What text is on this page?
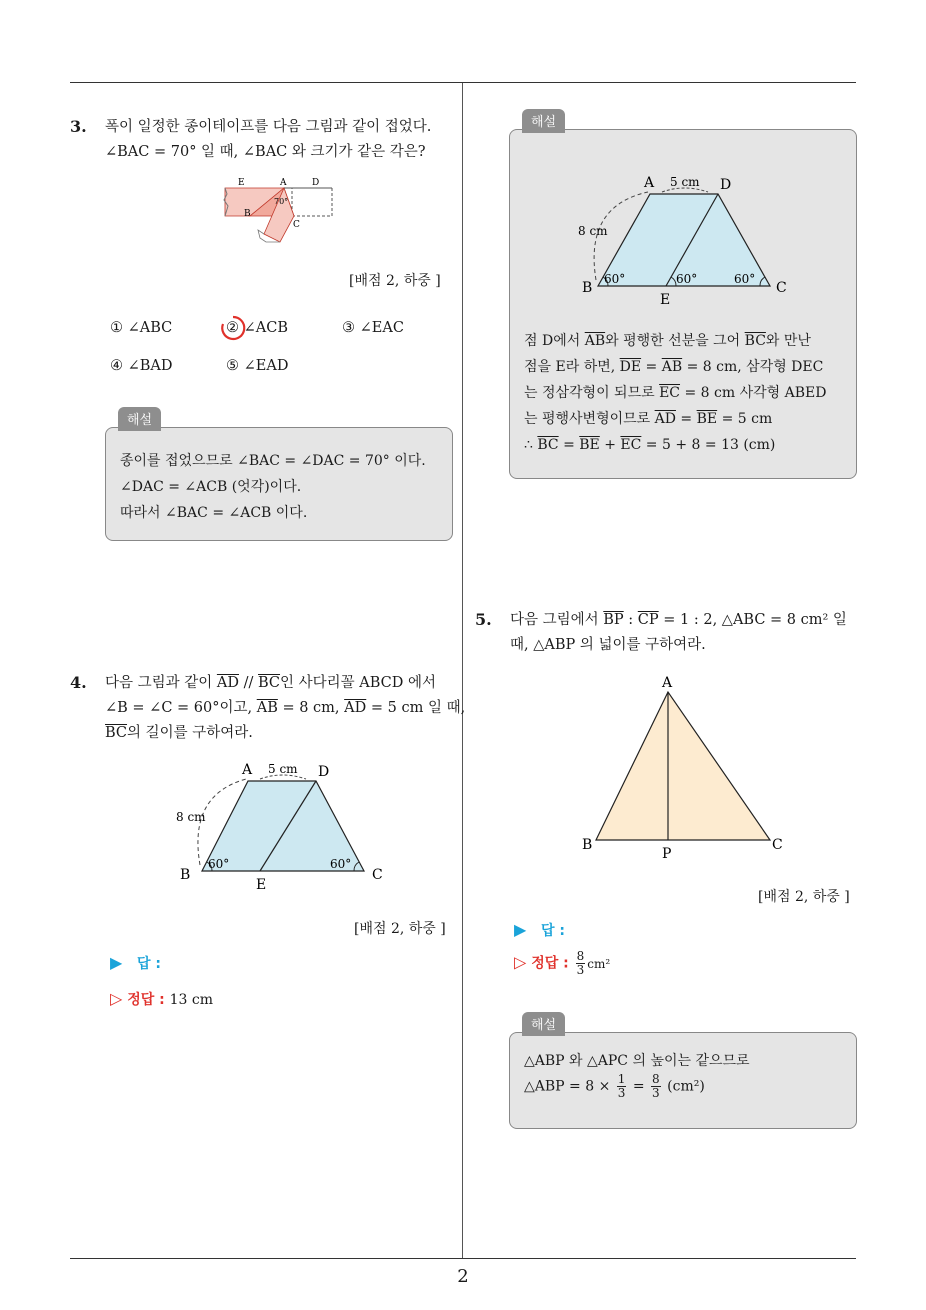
3. 폭이 일정한 종이테이프를 다음 그림과 같이 접었다.
∠BAC = 70° 일 때, ∠BAC 와 크기가 같은 각은?
E	A	D
B
C
70°
[배점 2, 하중 ]
① ∠ABC	② ∠ACB	③ ∠EAC
④ ∠BAD	⑤ ∠EAD
해설
종이를 접었으므로 ∠BAC = ∠DAC = 70° 이다.
∠DAC = ∠ACB (엇각)이다.
따라서 ∠BAC = ∠ACB 이다.
4. 다음 그림과 같이 $\overline{AD} // \overline{BC}$인 사다리꼴 ABCD 에서
∠B = ∠C = 60°이고, $\overline{AB} = 8$ cm, $\overline{AD} = 5$ cm 일 때,
$\overline{BC}$의 길이를 구하여라.
A	D
B	C
E
5 cm
8 cm
60°	60°
[배점 2, 하중 ]
▶ 답 :
▷ 정답 : 13 cm
해설
A	D
B	C
E
5 cm
8 cm
60°	60°	60°
점 D에서 $\overline{AB}$와 평행한 선분을 그어 $\overline{BC}$와 만난
점을 E라 하면, $\overline{DE} = \overline{AB} = 8$ cm, 삼각형 DEC
는 정삼각형이 되므로 $\overline{EC} = 8$ cm 사각형 ABED
는 평행사변형이므로 $\overline{AD} = \overline{BE} = 5$ cm
∴ $\overline{BC} = \overline{BE} + \overline{EC} = 5 + 8 = 13$ (cm)
5. 다음 그림에서 $\overline{BP}$ : $\overline{CP} = 1$ : 2, △ABC = 8 cm² 일
때, △ABP 의 넓이를 구하여라.
A
B	C
P
[배점 2, 하중 ]
▶ 답 :
▷ 정답 : $\frac{8}{3} cm^2$
해설
△ABP 와 △APC 의 높이는 같으므로
△ABP = $8 \times \frac{1}{3} = \frac{8}{3} (cm^2)$
2
